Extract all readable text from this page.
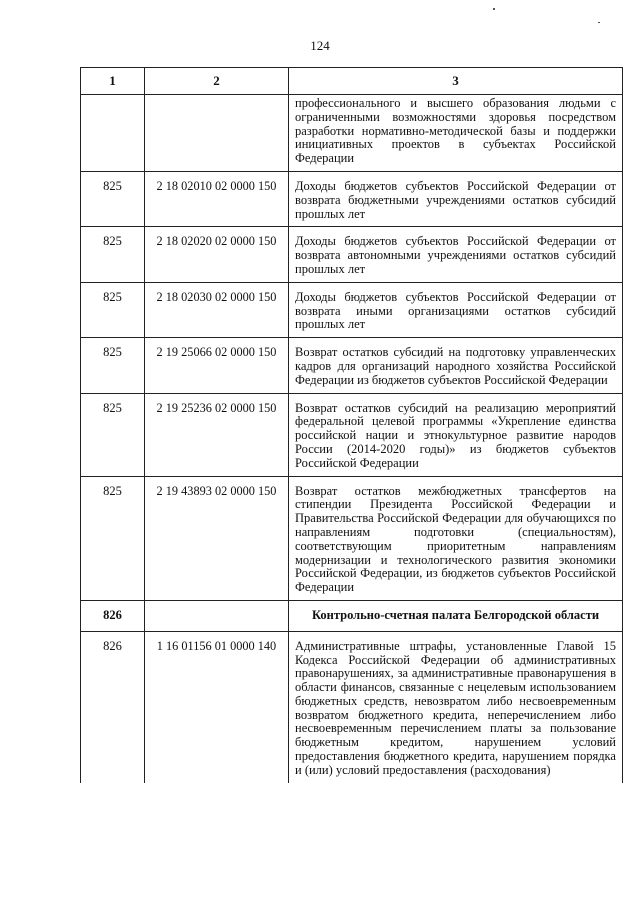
124
1	2	3
		профессионального и высшего образования людьми с ограниченными возможностями здоровья посредством разработки нормативно-методической базы и поддержки инициативных проектов в субъектах Российской Федерации
825	2 18 02010 02 0000 150	Доходы бюджетов субъектов Российской Федерации от возврата бюджетными учреждениями остатков субсидий прошлых лет
825	2 18 02020 02 0000 150	Доходы бюджетов субъектов Российской Федерации от возврата автономными учреждениями остатков субсидий прошлых лет
825	2 18 02030 02 0000 150	Доходы бюджетов субъектов Российской Федерации от возврата иными организациями остатков субсидий прошлых лет
825	2 19 25066 02 0000 150	Возврат остатков субсидий на подготовку управленческих кадров для организаций народного хозяйства Российской Федерации из бюджетов субъектов Российской Федерации
825	2 19 25236 02 0000 150	Возврат остатков субсидий на реализацию мероприятий федеральной целевой программы «Укрепление единства российской нации и этнокультурное развитие народов России (2014-2020 годы)» из бюджетов субъектов Российской Федерации
825	2 19 43893 02 0000 150	Возврат остатков межбюджетных трансфертов на стипендии Президента Российской Федерации и Правительства Российской Федерации для обучающихся по направлениям подготовки (специальностям), соответствующим приоритетным направлениям модернизации и технологического развития экономики Российской Федерации, из бюджетов субъектов Российской Федерации
826		Контрольно-счетная палата Белгородской области
826	1 16 01156 01 0000 140	Административные штрафы, установленные Главой 15 Кодекса Российской Федерации об административных правонарушениях, за административные правонарушения в области финансов, связанные с нецелевым использованием бюджетных средств, невозвратом либо несвоевременным возвратом бюджетного кредита, неперечислением либо несвоевременным перечислением платы за пользование бюджетным кредитом, нарушением условий предоставления бюджетного кредита, нарушением порядка и (или) условий предоставления (расходования)
